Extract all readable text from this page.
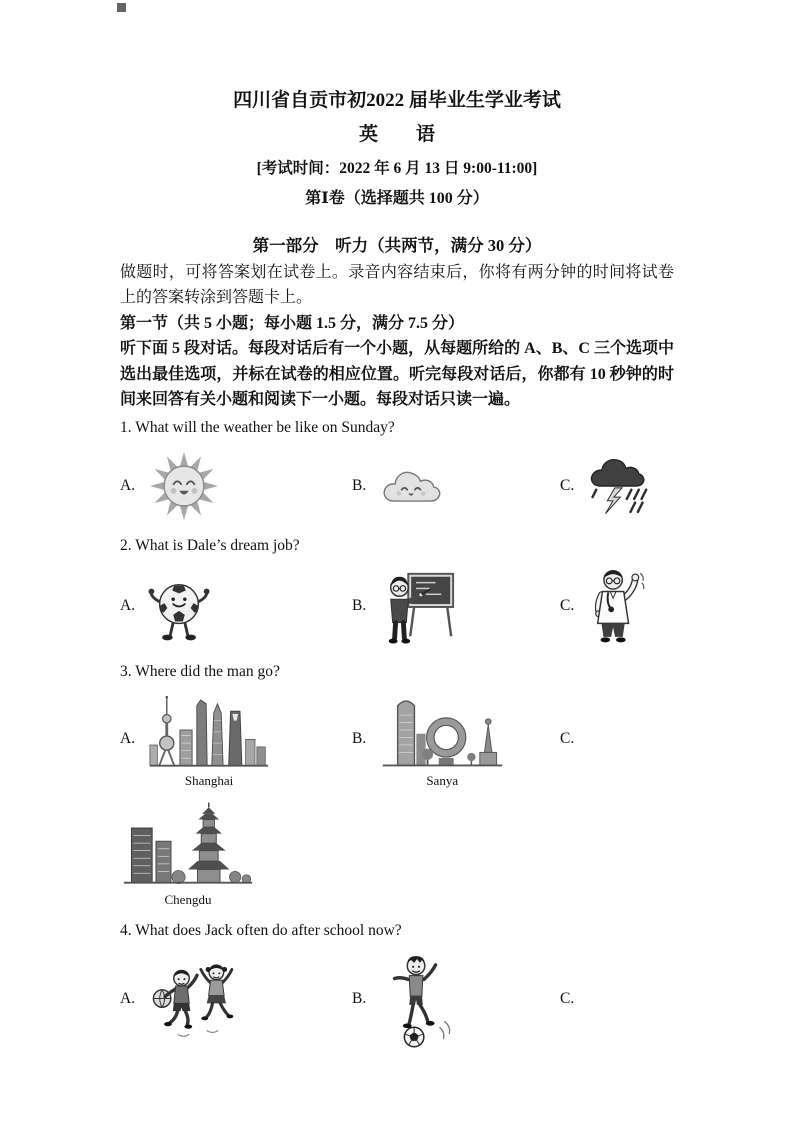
四川省自贡市初2022 届毕业生学业考试
英　　语

[考试时间：2022 年 6 月 13 日 9:00-11:00]

第Ⅰ卷（选择题共 100 分）

第一部分　听力（共两节，满分 30 分）

做题时，可将答案划在试卷上。录音内容结束后，你将有两分钟的时间将试卷上的答案转涂到答题卡上。

第一节（共 5 小题；每小题 1.5 分，满分 7.5 分）

听下面 5 段对话。每段对话后有一个小题，从每题所给的 A、B、C 三个选项中选出最佳选项，并标在试卷的相应位置。听完每段对话后，你都有 10 秒钟的时间来回答有关小题和阅读下一小题。每段对话只读一遍。

1. What will the weather be like on Sunday?

A.	B.	C.

2. What is Dale’s dream job?

A.	B.	C.

3. Where did the man go?

A.
Shanghai
B.
Sanya
C.
Chengdu

4. What does Jack often do after school now?

A.	B.	C.
